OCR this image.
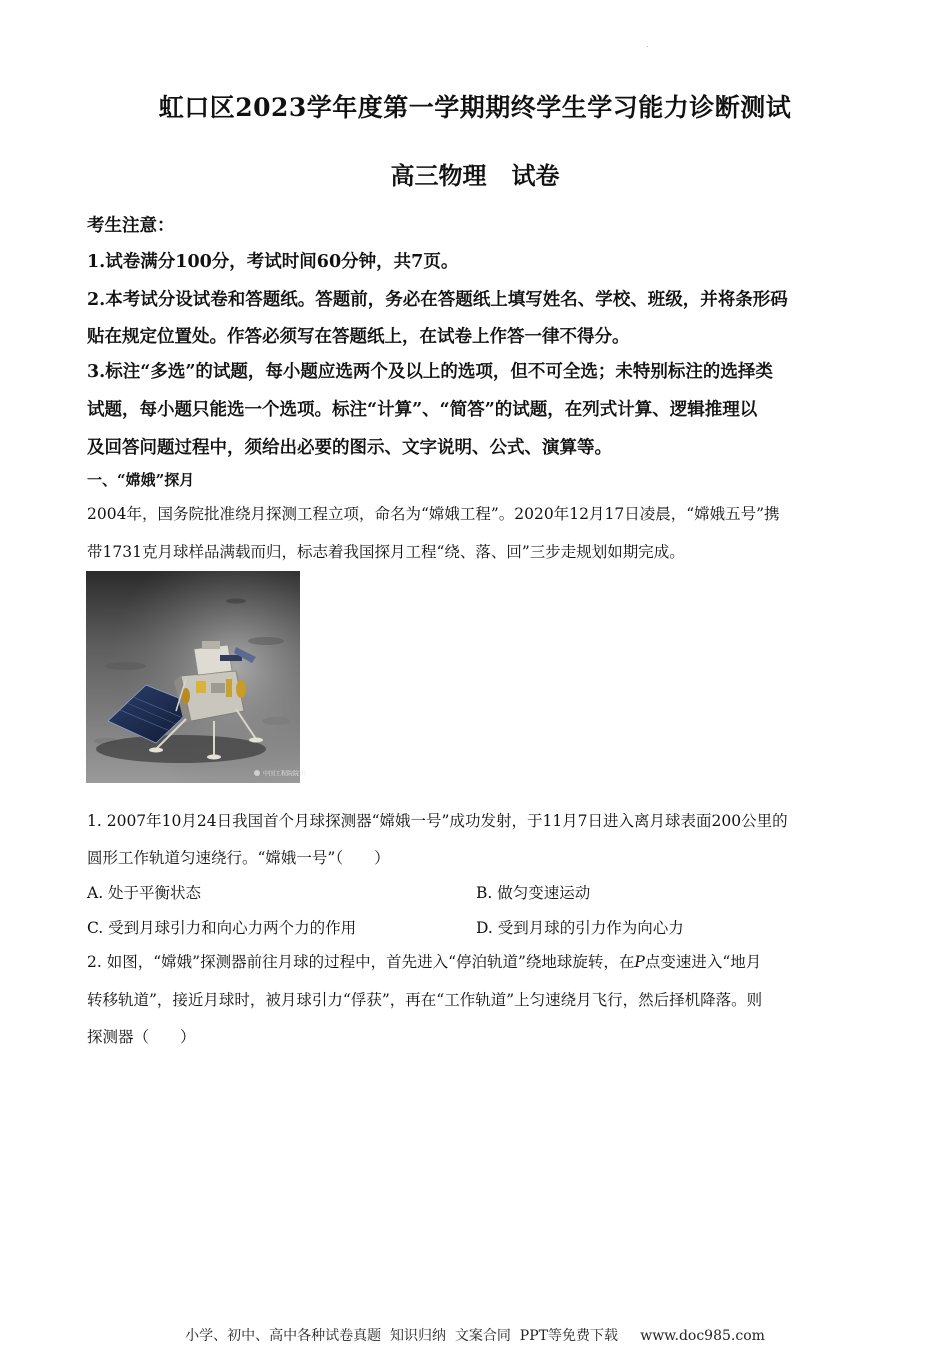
.
虹口区2023学年度第一学期期终学生学习能力诊断测试
高三物理   试卷
考生注意：
1.试卷满分100分，考试时间60分钟，共7页。
2.本考试分设试卷和答题纸。答题前，务必在答题纸上填写姓名、学校、班级，并将条形码
贴在规定位置处。作答必须写在答题纸上，在试卷上作答一律不得分。
3.标注“多选”的试题，每小题应选两个及以上的选项，但不可全选；未特别标注的选择类
试题，每小题只能选一个选项。标注“计算”、“简答”的试题，在列式计算、逻辑推理以
及回答问题过程中，须给出必要的图示、文字说明、公式、演算等。
一、“嫦娥”探月
2004年，国务院批准绕月探测工程立项，命名为“嫦娥工程”。2020年12月17日凌晨，“嫦娥五号”携
带1731克月球样品满载而归，标志着我国探月工程“绕、落、回”三步走规划如期完成。
中国工程院院刊
1. 2007年10月24日我国首个月球探测器“嫦娥一号”成功发射，于11月7日进入离月球表面200公里的
圆形工作轨道匀速绕行。“嫦娥一号”（　　）
A. 处于平衡状态	B. 做匀变速运动
C. 受到月球引力和向心力两个力的作用	D. 受到月球的引力作为向心力
2. 如图，“嫦娥”探测器前往月球的过程中，首先进入“停泊轨道”绕地球旋转，在P点变速进入“地月
转移轨道”，接近月球时，被月球引力“俘获”，再在“工作轨道”上匀速绕月飞行，然后择机降落。则
探测器（　　）
小学、初中、高中各种试卷真题  知识归纳  文案合同  PPT等免费下载     www.doc985.com
